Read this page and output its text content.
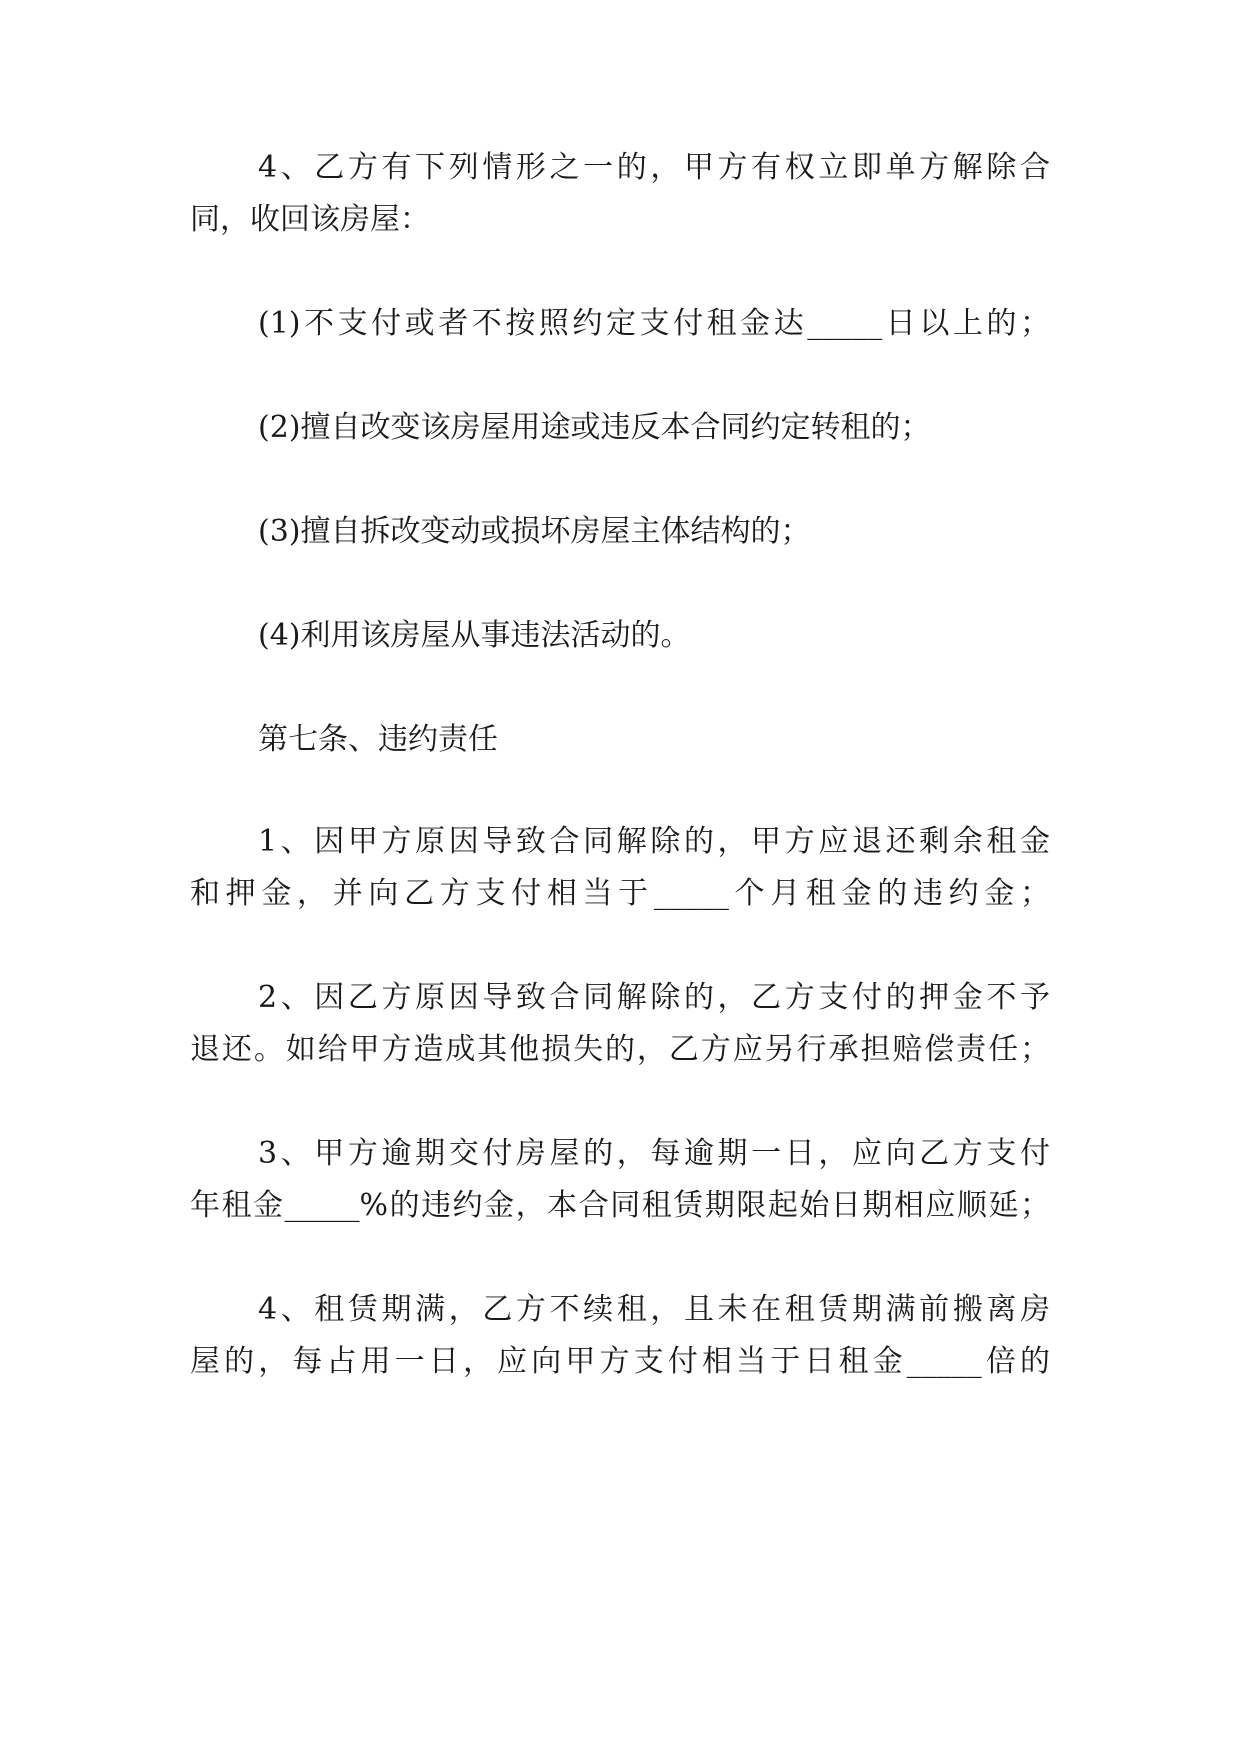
4、乙方有下列情形之一的，甲方有权立即单方解除合

同，收回该房屋：

(1)不支付或者不按照约定支付租金达_____日以上的；

(2)擅自改变该房屋用途或违反本合同约定转租的；

(3)擅自拆改变动或损坏房屋主体结构的；

(4)利用该房屋从事违法活动的。

第七条、违约责任

1、因甲方原因导致合同解除的，甲方应退还剩余租金

和押金，并向乙方支付相当于_____个月租金的违约金；

2、因乙方原因导致合同解除的，乙方支付的押金不予

退还。如给甲方造成其他损失的，乙方应另行承担赔偿责任；

3、甲方逾期交付房屋的，每逾期一日，应向乙方支付

年租金_____%的违约金，本合同租赁期限起始日期相应顺延；

4、租赁期满，乙方不续租，且未在租赁期满前搬离房

屋的，每占用一日，应向甲方支付相当于日租金_____倍的
